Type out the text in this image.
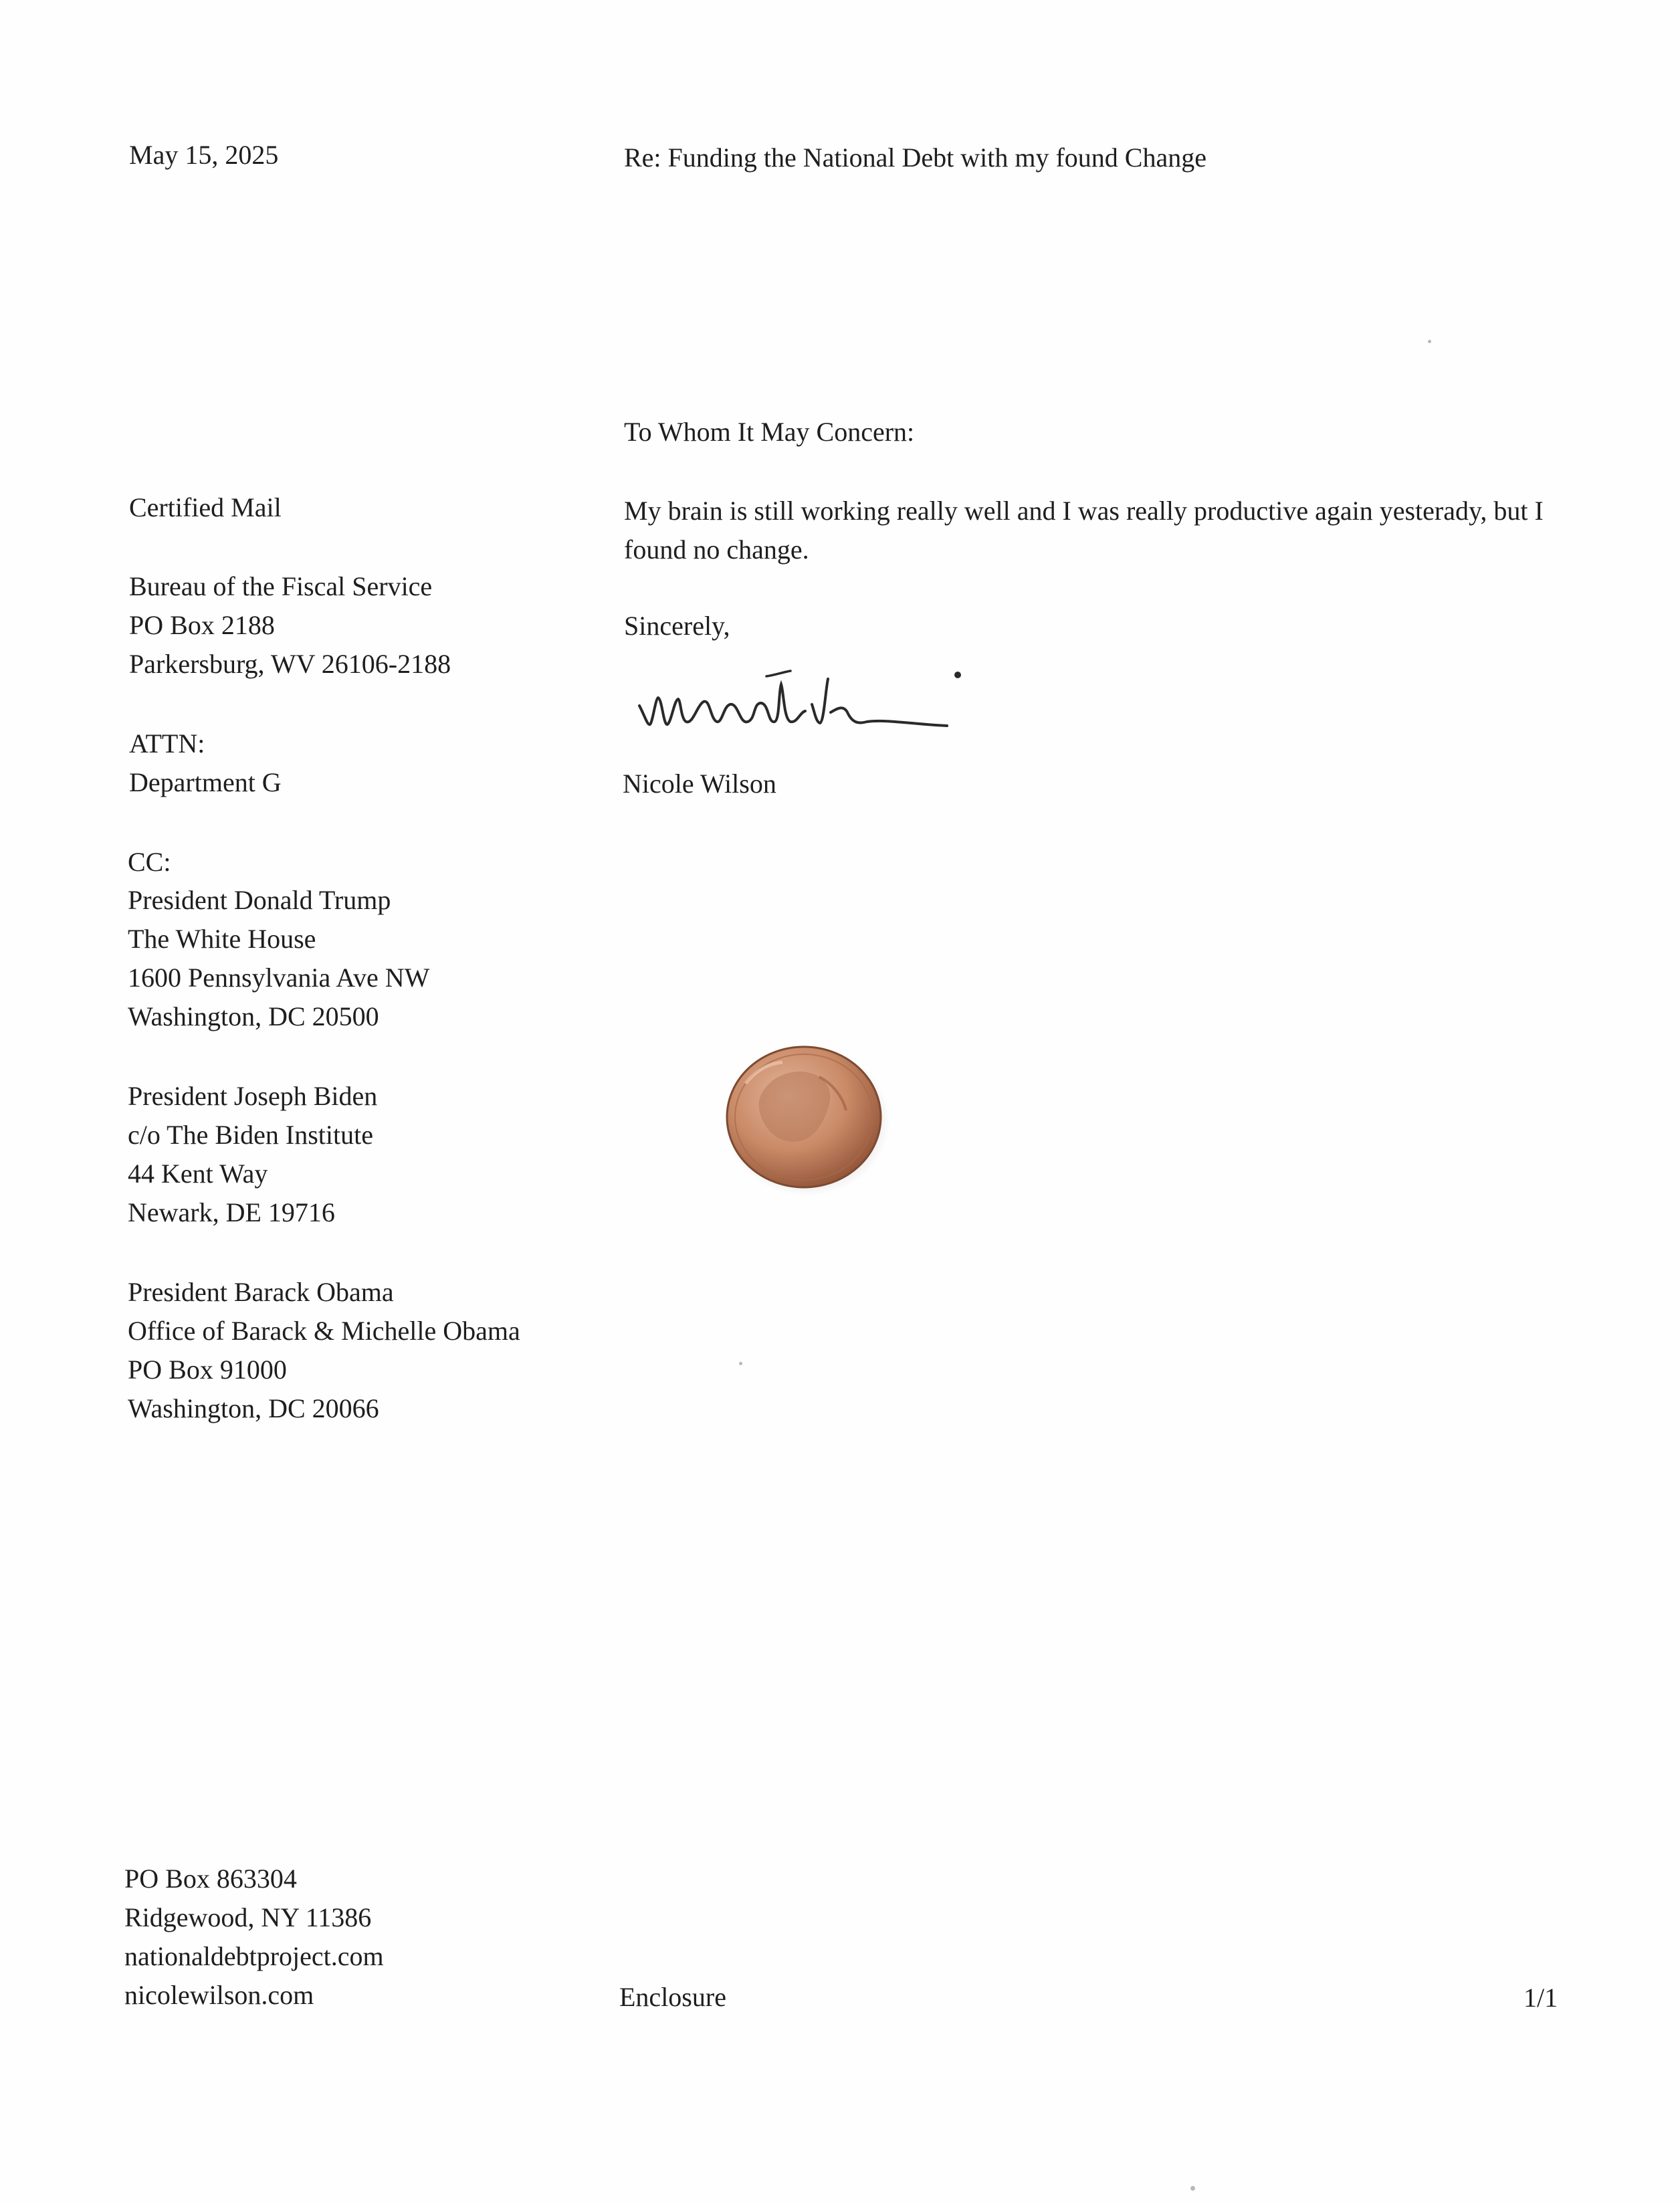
May 15, 2025	Re: Funding the National Debt with my found Change

To Whom It May Concern:

Certified Mail

Bureau of the Fiscal Service
PO Box 2188
Parkersburg, WV 26106-2188
ATTN:
Department G

CC:

President Donald Trump
The White House
1600 Pennsylvania Ave NW
Washington, DC 20500
President Joseph Biden
c/o The Biden Institute
44 Kent Way
Newark, DE 19716
President Barack Obama
Office of Barack & Michelle Obama
PO Box 91000
Washington, DC 20066

My brain is still working really well and I was really productive again yesterady, but I found no change.

Sincerely,

Nicole Wilson

PO Box 863304
Ridgewood, NY 11386
nationaldebtproject.com
nicolewilson.com	Enclosure	1/1
